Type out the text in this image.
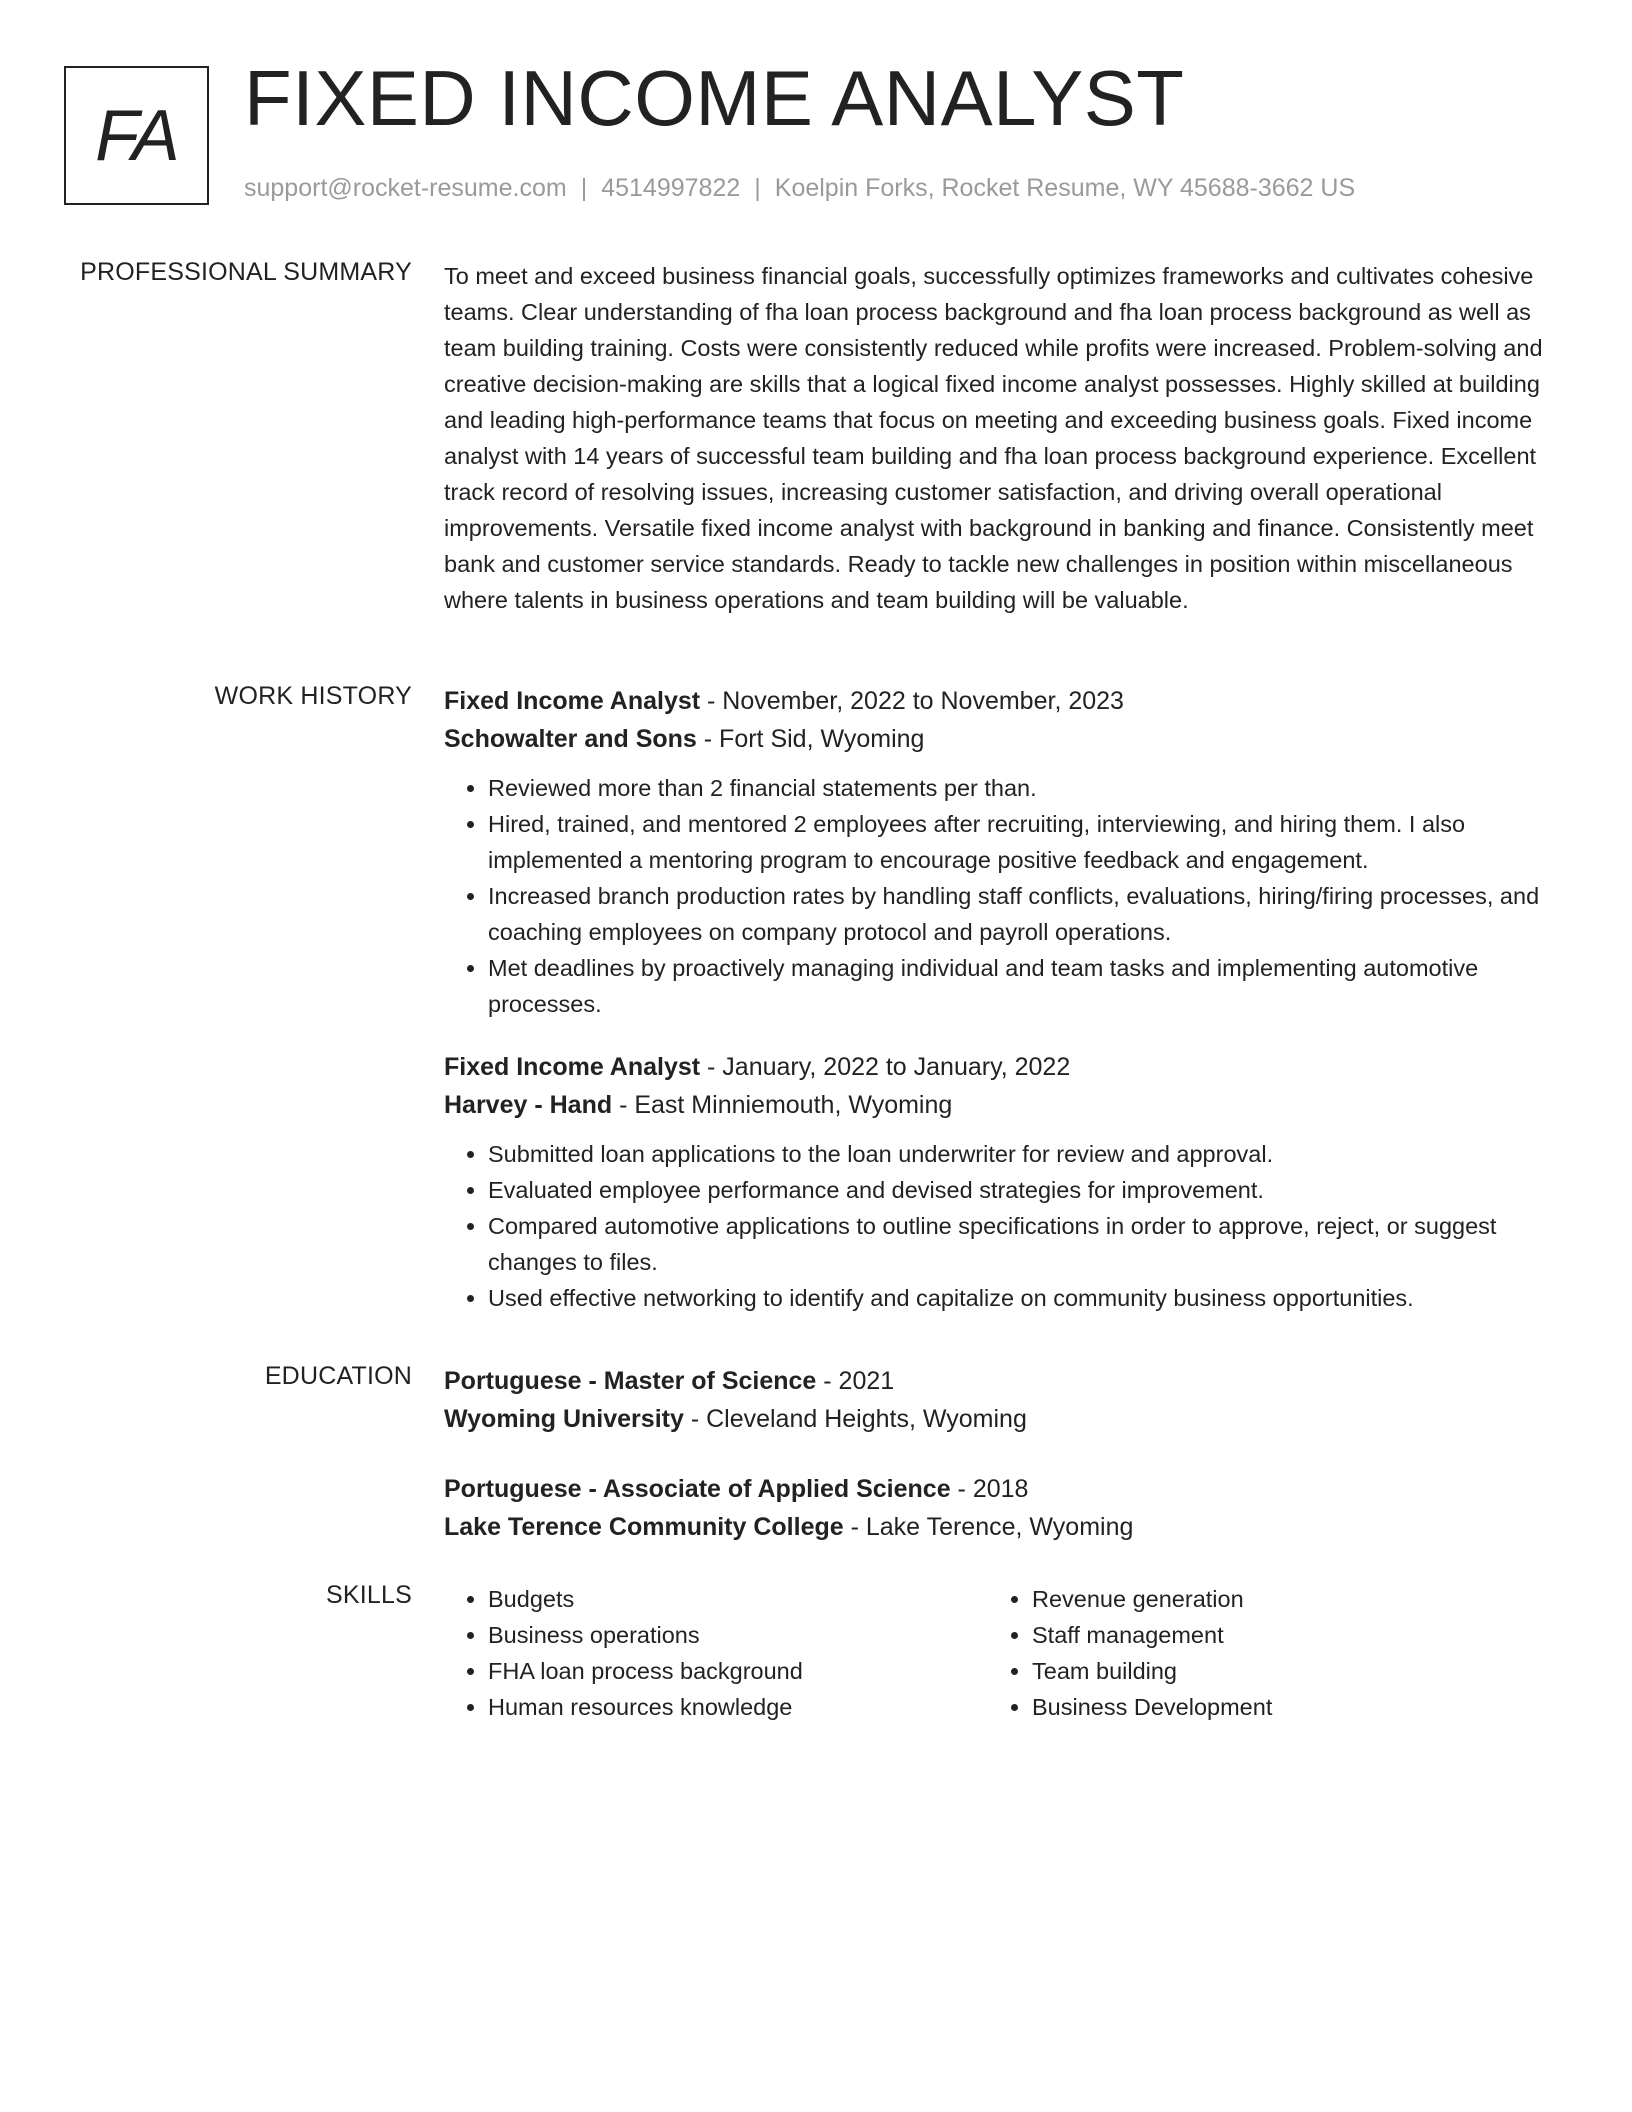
FA FIXED INCOME ANALYST
support@rocket-resume.com | 4514997822 | Koelpin Forks, Rocket Resume, WY 45688-3662 US
PROFESSIONAL SUMMARY To meet and exceed business financial goals, successfully optimizes frameworks and cultivates cohesive teams. Clear understanding of fha loan process background and fha loan process background as well as team building training. Costs were consistently reduced while profits were increased. Problem-solving and creative decision-making are skills that a logical fixed income analyst possesses. Highly skilled at building and leading high-performance teams that focus on meeting and exceeding business goals. Fixed income analyst with 14 years of successful team building and fha loan process background experience. Excellent track record of resolving issues, increasing customer satisfaction, and driving overall operational improvements. Versatile fixed income analyst with background in banking and finance. Consistently meet bank and customer service standards. Ready to tackle new challenges in position within miscellaneous where talents in business operations and team building will be valuable.

WORK HISTORY Fixed Income Analyst - November, 2022 to November, 2023
Schowalter and Sons - Fort Sid, Wyoming
• Reviewed more than 2 financial statements per than.
• Hired, trained, and mentored 2 employees after recruiting, interviewing, and hiring them. I also implemented a mentoring program to encourage positive feedback and engagement.
• Increased branch production rates by handling staff conflicts, evaluations, hiring/firing processes, and coaching employees on company protocol and payroll operations.
• Met deadlines by proactively managing individual and team tasks and implementing automotive processes.
Fixed Income Analyst - January, 2022 to January, 2022
Harvey - Hand - East Minniemouth, Wyoming
• Submitted loan applications to the loan underwriter for review and approval.
• Evaluated employee performance and devised strategies for improvement.
• Compared automotive applications to outline specifications in order to approve, reject, or suggest changes to files.
• Used effective networking to identify and capitalize on community business opportunities.
EDUCATION Portuguese - Master of Science - 2021
Wyoming University - Cleveland Heights, Wyoming
Portuguese - Associate of Applied Science - 2018
Lake Terence Community College - Lake Terence, Wyoming
SKILLS
•	Budgets
• Business operations
• FHA loan process background
• Human resources knowledge
• Revenue generation
• Staff management
• Team building
• Business Development
